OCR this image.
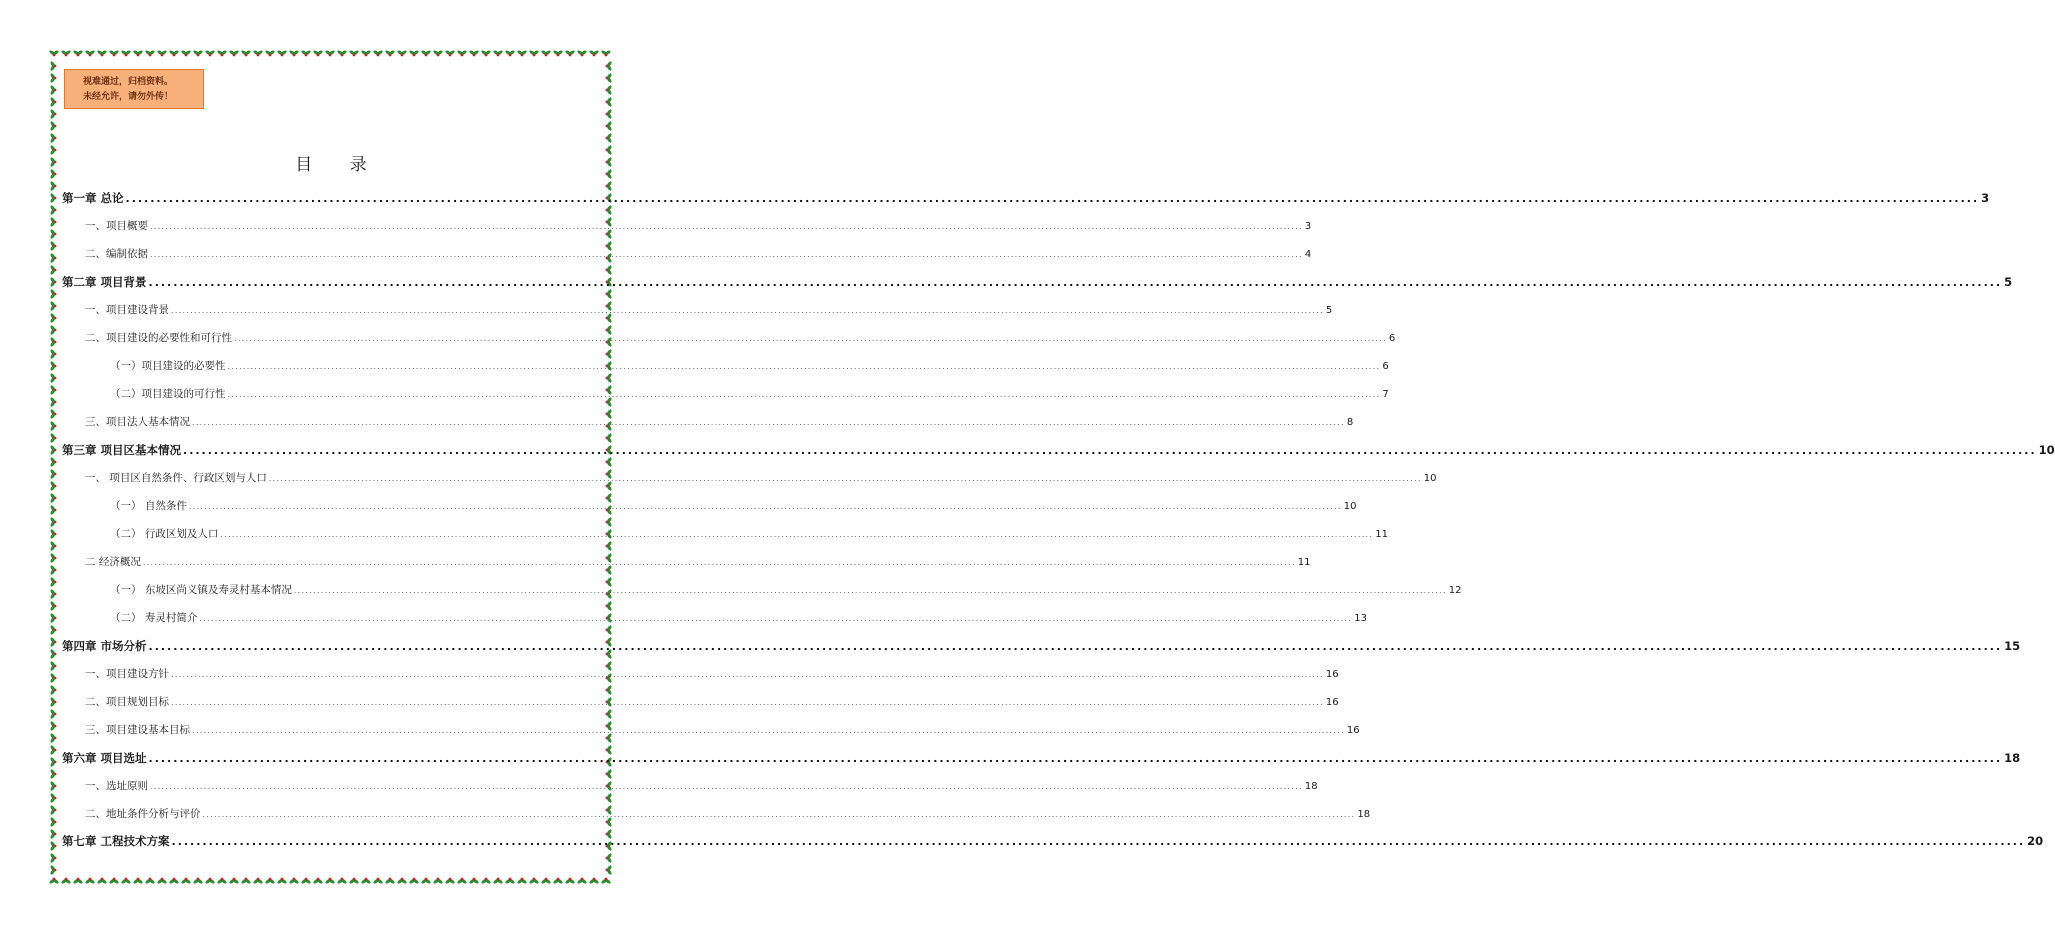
视难通过，归档资料。
未经允许，请勿外传！
目 录
第一章 总论 ............................................................................................................................................................................................................................................................................................................ 3
一、项目概要 ............................................................................................................................................................................................................................................................................................................ 3
二、编制依据 ............................................................................................................................................................................................................................................................................................................ 4
第二章 项目背景 ............................................................................................................................................................................................................................................................................................................ 5
一、项目建设背景 ............................................................................................................................................................................................................................................................................................................ 5
二、项目建设的必要性和可行性 ............................................................................................................................................................................................................................................................................................................ 6
（一）项目建设的必要性 ............................................................................................................................................................................................................................................................................................................ 6
（二）项目建设的可行性 ............................................................................................................................................................................................................................................................................................................ 7
三、项目法人基本情况 ............................................................................................................................................................................................................................................................................................................ 8
第三章 项目区基本情况 ............................................................................................................................................................................................................................................................................................................ 10
一、 项目区自然条件、行政区划与人口 ............................................................................................................................................................................................................................................................................................................ 10
（一） 自然条件 ............................................................................................................................................................................................................................................................................................................ 10
（二） 行政区划及人口 ............................................................................................................................................................................................................................................................................................................ 11
二 经济概况 ............................................................................................................................................................................................................................................................................................................ 11
（一） 东坡区尚义镇及寿灵村基本情况 ............................................................................................................................................................................................................................................................................................................ 12
（二） 寿灵村简介 ............................................................................................................................................................................................................................................................................................................ 13
第四章 市场分析 ............................................................................................................................................................................................................................................................................................................ 15
一、项目建设方针 ............................................................................................................................................................................................................................................................................................................ 16
二、项目规划目标 ............................................................................................................................................................................................................................................................................................................ 16
三、项目建设基本目标 ............................................................................................................................................................................................................................................................................................................ 16
第六章 项目选址 ............................................................................................................................................................................................................................................................................................................ 18
一、选址原则 ............................................................................................................................................................................................................................................................................................................ 18
二、地址条件分析与评价 ............................................................................................................................................................................................................................................................................................................ 18
第七章 工程技术方案 ............................................................................................................................................................................................................................................................................................................ 20
